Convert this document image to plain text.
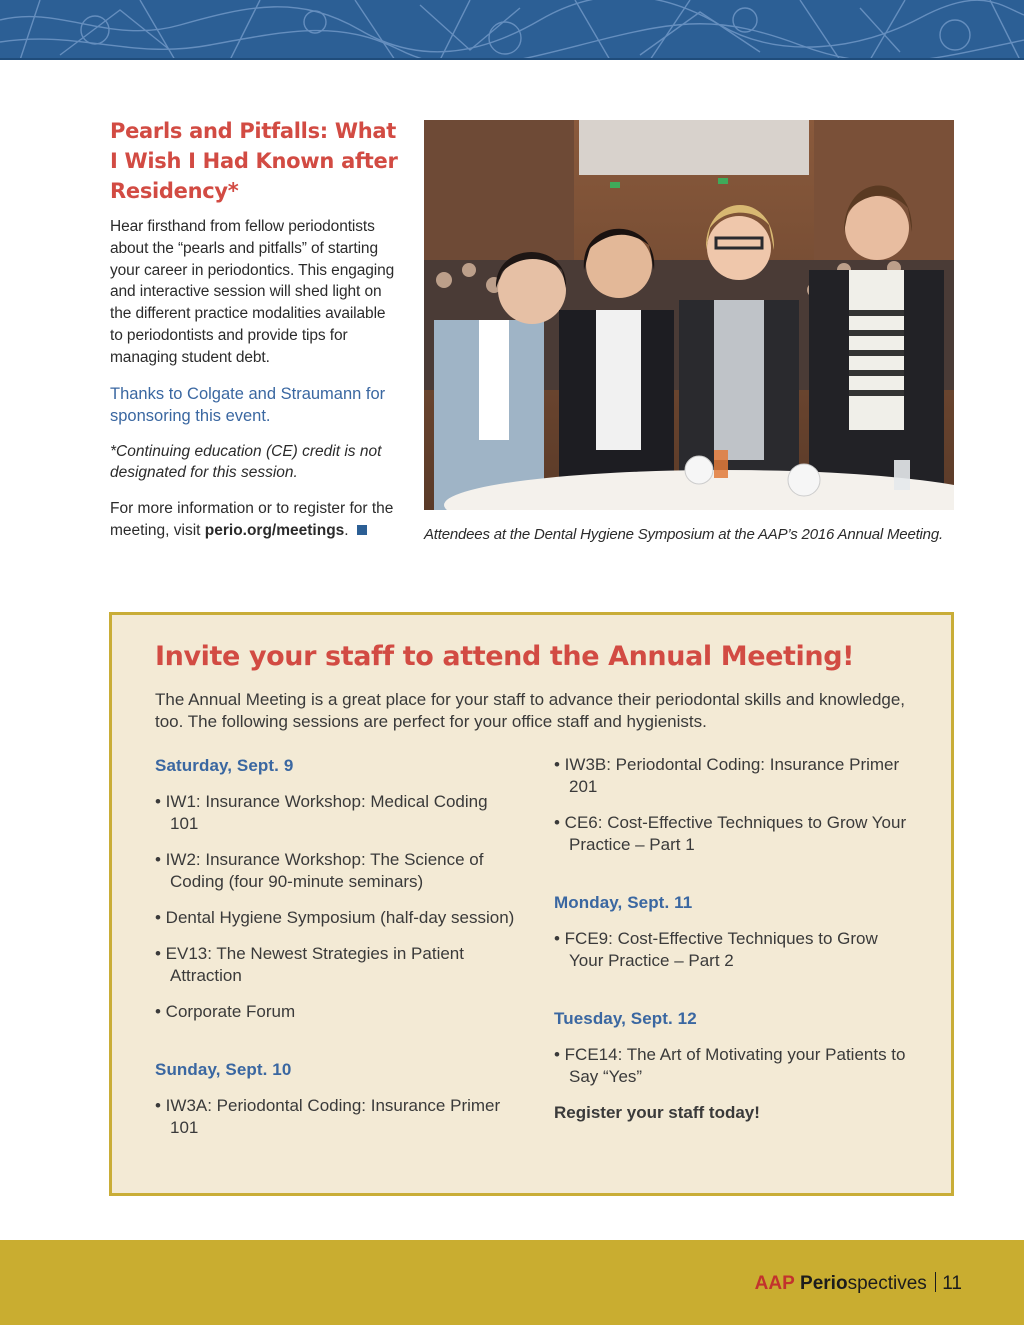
Pearls and Pitfalls: What
I Wish I Had Known after
Residency*

Hear firsthand from fellow periodontists about the “pearls and pitfalls” of starting your career in periodontics. This engaging and interactive session will shed light on the different practice modalities available to periodontists and provide tips for managing student debt.

Thanks to Colgate and Straumann for sponsoring this event.

*Continuing education (CE) credit is not designated for this session.

For more information or to register for the meeting, visit perio.org/meetings.	Attendees at the Dental Hygiene Symposium at the AAP’s 2016 Annual Meeting.
Invite your staff to attend the Annual Meeting!

The Annual Meeting is a great place for your staff to advance their periodontal skills and knowledge, too. The following sessions are perfect for your office staff and hygienists.

Saturday, Sept. 9

• IW1: Insurance Workshop: Medical Coding 101

• IW2: Insurance Workshop: The Science of Coding (four 90-minute seminars)

• Dental Hygiene Symposium (half-day session)

• EV13: The Newest Strategies in Patient Attraction

• Corporate Forum

Sunday, Sept. 10

• IW3A: Periodontal Coding: Insurance Primer 101

• IW3B: Periodontal Coding: Insurance Primer 201

• CE6: Cost-Effective Techniques to Grow Your Practice – Part 1

Monday, Sept. 11

• FCE9: Cost-Effective Techniques to Grow Your Practice – Part 2

Tuesday, Sept. 12

• FCE14: The Art of Motivating your Patients to Say “Yes”

Register your staff today!

AAP Periospectives 11
